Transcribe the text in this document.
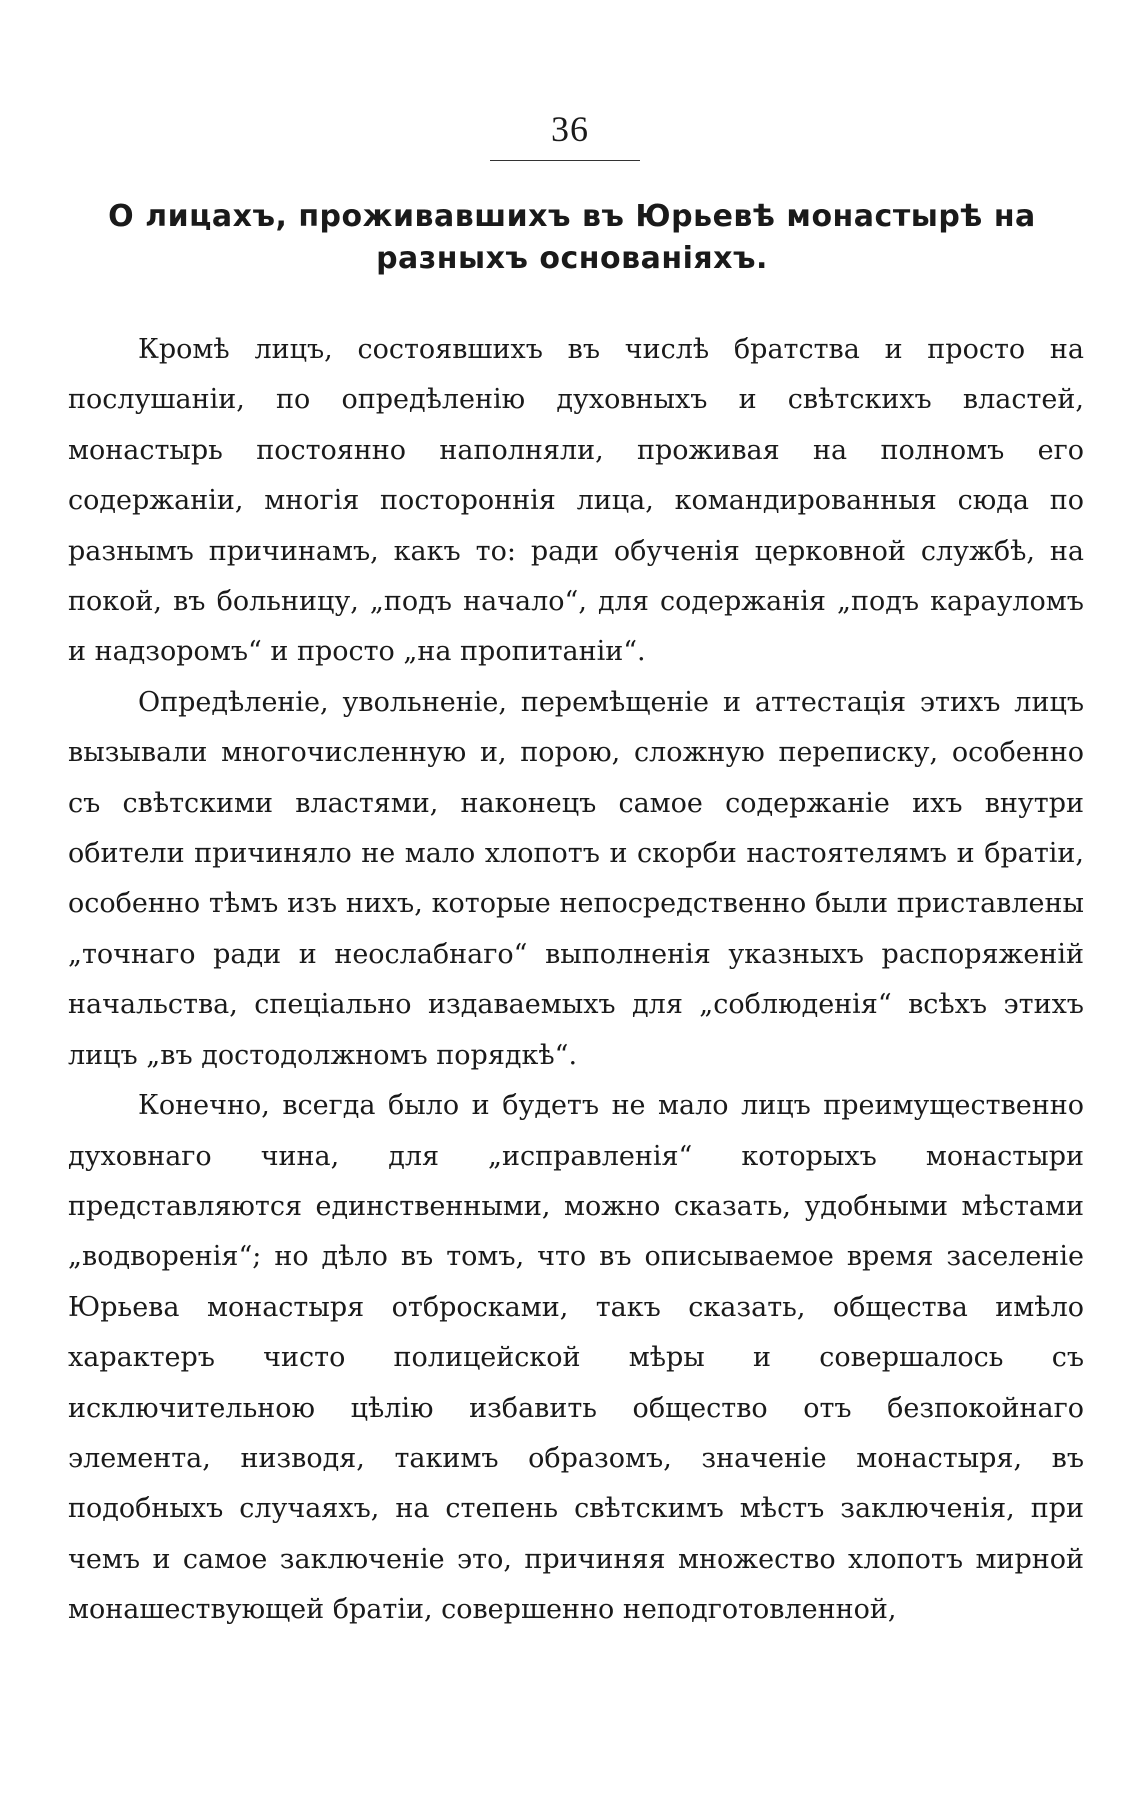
36
О лицахъ, проживавшихъ въ Юрьевѣ монастырѣ на разныхъ основаніяхъ.

Кромѣ лицъ, состоявшихъ въ числѣ братства и просто на послушаніи, по опредѣленію духовныхъ и свѣтскихъ властей, монастырь постоянно наполняли, проживая на полномъ его содержаніи, многія постороннія лица, командированныя сюда по разнымъ причинамъ, какъ то: ради обученія церковной службѣ, на покой, въ больницу, „подъ начало“, для содержанія „подъ карауломъ и надзоромъ“ и просто „на пропитаніи“.

Опредѣленіе, увольненіе, перемѣщеніе и аттестація этихъ лицъ вызывали многочисленную и, порою, сложную переписку, особенно съ свѣтскими властями, наконецъ самое содержаніе ихъ внутри обители причиняло не мало хлопотъ и скорби настоятелямъ и братіи, особенно тѣмъ изъ нихъ, которые непосредственно были приставлены „точнаго ради и неослабнаго“ выполненія указныхъ распоряженій начальства, спеціально издаваемыхъ для „соблюденія“ всѣхъ этихъ лицъ „въ достодолжномъ порядкѣ“.

Конечно, всегда было и будетъ не мало лицъ преимущественно духовнаго чина, для „исправленія“ которыхъ монастыри представляются единственными, можно сказать, удобными мѣстами „водворенія“; но дѣло въ томъ, что въ описываемое время заселеніе Юрьева монастыря отбросками, такъ сказать, общества имѣло характеръ чисто полицейской мѣры и совершалось съ исключительною цѣлію избавить общество отъ безпокойнаго элемента, низводя, такимъ образомъ, значеніе монастыря, въ подобныхъ случаяхъ, на степень свѣтскимъ мѣстъ заключенія, при чемъ и самое заключеніе это, причиняя множество хлопотъ мирной монашествующей братіи, совершенно неподготовленной,
